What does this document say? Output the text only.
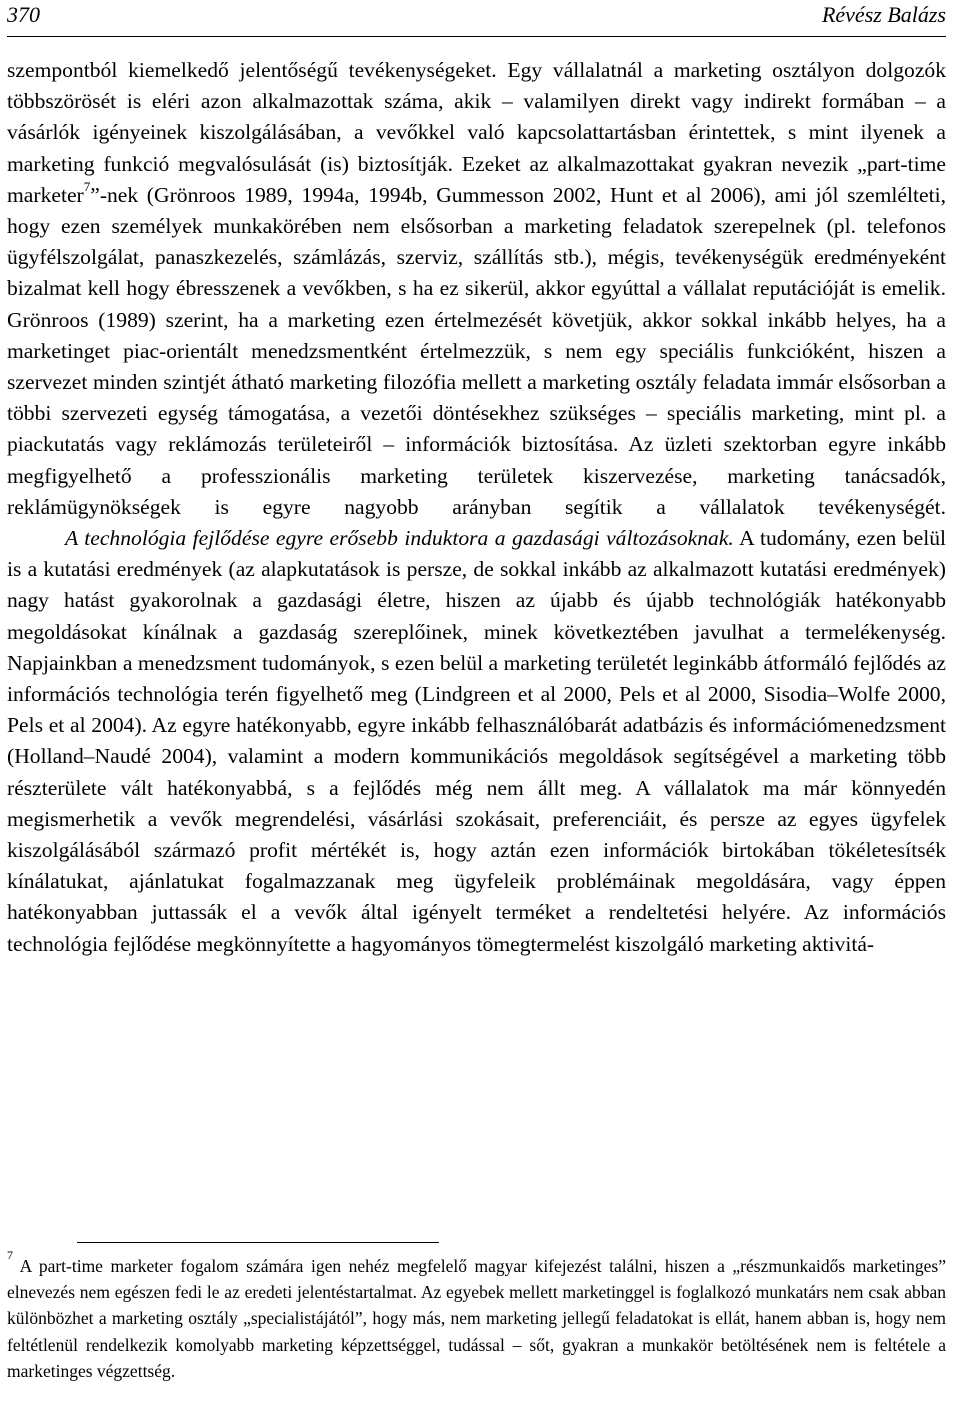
370	Révész Balázs

szempontból kiemelkedő jelentőségű tevékenységeket. Egy vállalatnál a marketing osztályon dolgozók többszörösét is eléri azon alkalmazottak száma, akik – valamilyen direkt vagy indirekt formában – a vásárlók igényeinek kiszolgálásában, a vevőkkel való kapcsolattartásban érintettek, s mint ilyenek a marketing funkció megvalósulását (is) biztosítják. Ezeket az alkalmazottakat gyakran nevezik „part-time marketer$^7$”-nek (Grönroos 1989, 1994a, 1994b, Gummesson 2002, Hunt et al 2006), ami jól szemlélteti, hogy ezen személyek munkakörében nem elsősorban a marketing feladatok szerepelnek (pl. telefonos ügyfélszolgálat, panaszkezelés, számlázás, szerviz, szállítás stb.), mégis, tevékenységük eredményeként bizalmat kell hogy ébresszenek a vevőkben, s ha ez sikerül, akkor egyúttal a vállalat reputációját is emelik. Grönroos (1989) szerint, ha a marketing ezen értelmezését követjük, akkor sokkal inkább helyes, ha a marketinget piac-orientált menedzsmentként értelmezzük, s nem egy speciális funkcióként, hiszen a szervezet minden szintjét átható marketing filozófia mellett a marketing osztály feladata immár elsősorban a többi szervezeti egység támogatása, a vezetői döntésekhez szükséges – speciális marketing, mint pl. a piackutatás vagy reklámozás területeiről – információk biztosítása. Az üzleti szektorban egyre inkább megfigyelhető a professzionális marketing területek kiszervezése, marketing tanácsadók, reklámügynökségek is egyre nagyobb arányban segítik a vállalatok tevékenységét.

A technológia fejlődése egyre erősebb induktora a gazdasági változásoknak. A tudomány, ezen belül is a kutatási eredmények (az alapkutatások is persze, de sokkal inkább az alkalmazott kutatási eredmények) nagy hatást gyakorolnak a gazdasági életre, hiszen az újabb és újabb technológiák hatékonyabb megoldásokat kínálnak a gazdaság szereplőinek, minek következtében javulhat a termelékenység. Napjainkban a menedzsment tudományok, s ezen belül a marketing területét leginkább átformáló fejlődés az információs technológia terén figyelhető meg (Lindgreen et al 2000, Pels et al 2000, Sisodia–Wolfe 2000, Pels et al 2004). Az egyre hatékonyabb, egyre inkább felhasználóbarát adatbázis és információmenedzsment (Holland–Naudé 2004), valamint a modern kommunikációs megoldások segítségével a marketing több részterülete vált hatékonyabbá, s a fejlődés még nem állt meg. A vállalatok ma már könnyedén megismerhetik a vevők megrendelési, vásárlási szokásait, preferenciáit, és persze az egyes ügyfelek kiszolgálásából származó profit mértékét is, hogy aztán ezen információk birtokában tökéletesítsék kínálatukat, ajánlatukat fogalmazzanak meg ügyfeleik problémáinak megoldására, vagy éppen hatékonyabban juttassák el a vevők által igényelt terméket a rendeltetési helyére. Az információs technológia fejlődése megkönnyítette a hagyományos tömegtermelést kiszolgáló marketing aktivitá-

$^7$ A part-time marketer fogalom számára igen nehéz megfelelő magyar kifejezést találni, hiszen a „részmunkaidős marketinges” elnevezés nem egészen fedi le az eredeti jelentéstartalmat. Az egyebek mellett marketinggel is foglalkozó munkatárs nem csak abban különbözhet a marketing osztály „specialistájától”, hogy más, nem marketing jellegű feladatokat is ellát, hanem abban is, hogy nem feltétlenül rendelkezik komolyabb marketing képzettséggel, tudással – sőt, gyakran a munkakör betöltésének nem is feltétele a marketinges végzettség.
